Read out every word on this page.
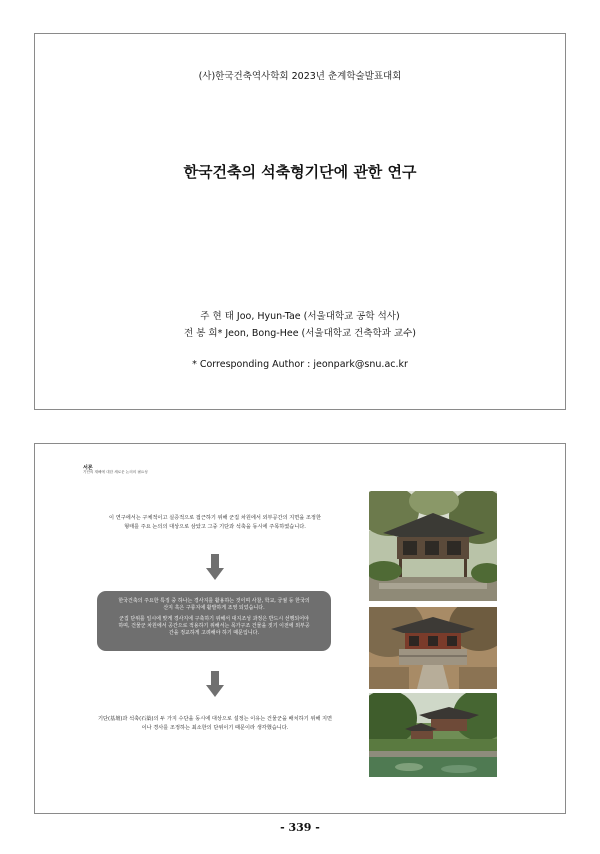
(사)한국건축역사학회 2023년 춘계학술발표대회
한국건축의 석축형기단에 관한 연구
주 현 태 Joo, Hyun-Tae (서울대학교 공학 석사)
전 봉 희* Jeon, Bong-Hee (서울대학교 건축학과 교수)
* Corresponding Author : jeonpark@snu.ac.kr
서론
기단의 재해에 대한 새로운 논의의 필요성
이 연구에서는 구체적이고 실증적으로 접근하기 위해 군집 차원에서 외부공간의 지면을 조정한
형태를 주요 논의의 대상으로 삼았고 그중 기단과 석축을 동시에 주목하였습니다.
한국건축의 주요한 특징 중 하나는 경사지를 활용하는 것이며 사찰, 학교, 궁궐 등 한국의
산지 혹은 구릉지에 활발하게 조영 되었습니다.
군집 단위를 일시에 맞게 경사지에 구축하기 위해서 대지조성 과정은 반드시 선행되어야
하며, 건물군 차원에서 공간으로 적용하기 위해서는 목가구조 건물을 짓기 이전에 외부공
간을 정교하게 고려해야 하기 때문입니다.
기단(基壇)과 석축(石築)의 두 가지 수단을 동시에 대상으로 설정는 이유는 건물군을 배치하기 위해 지면
이나 경사를 조정하는 최소한의 단위이기 때문이라 생각했습니다.
- 339 -
